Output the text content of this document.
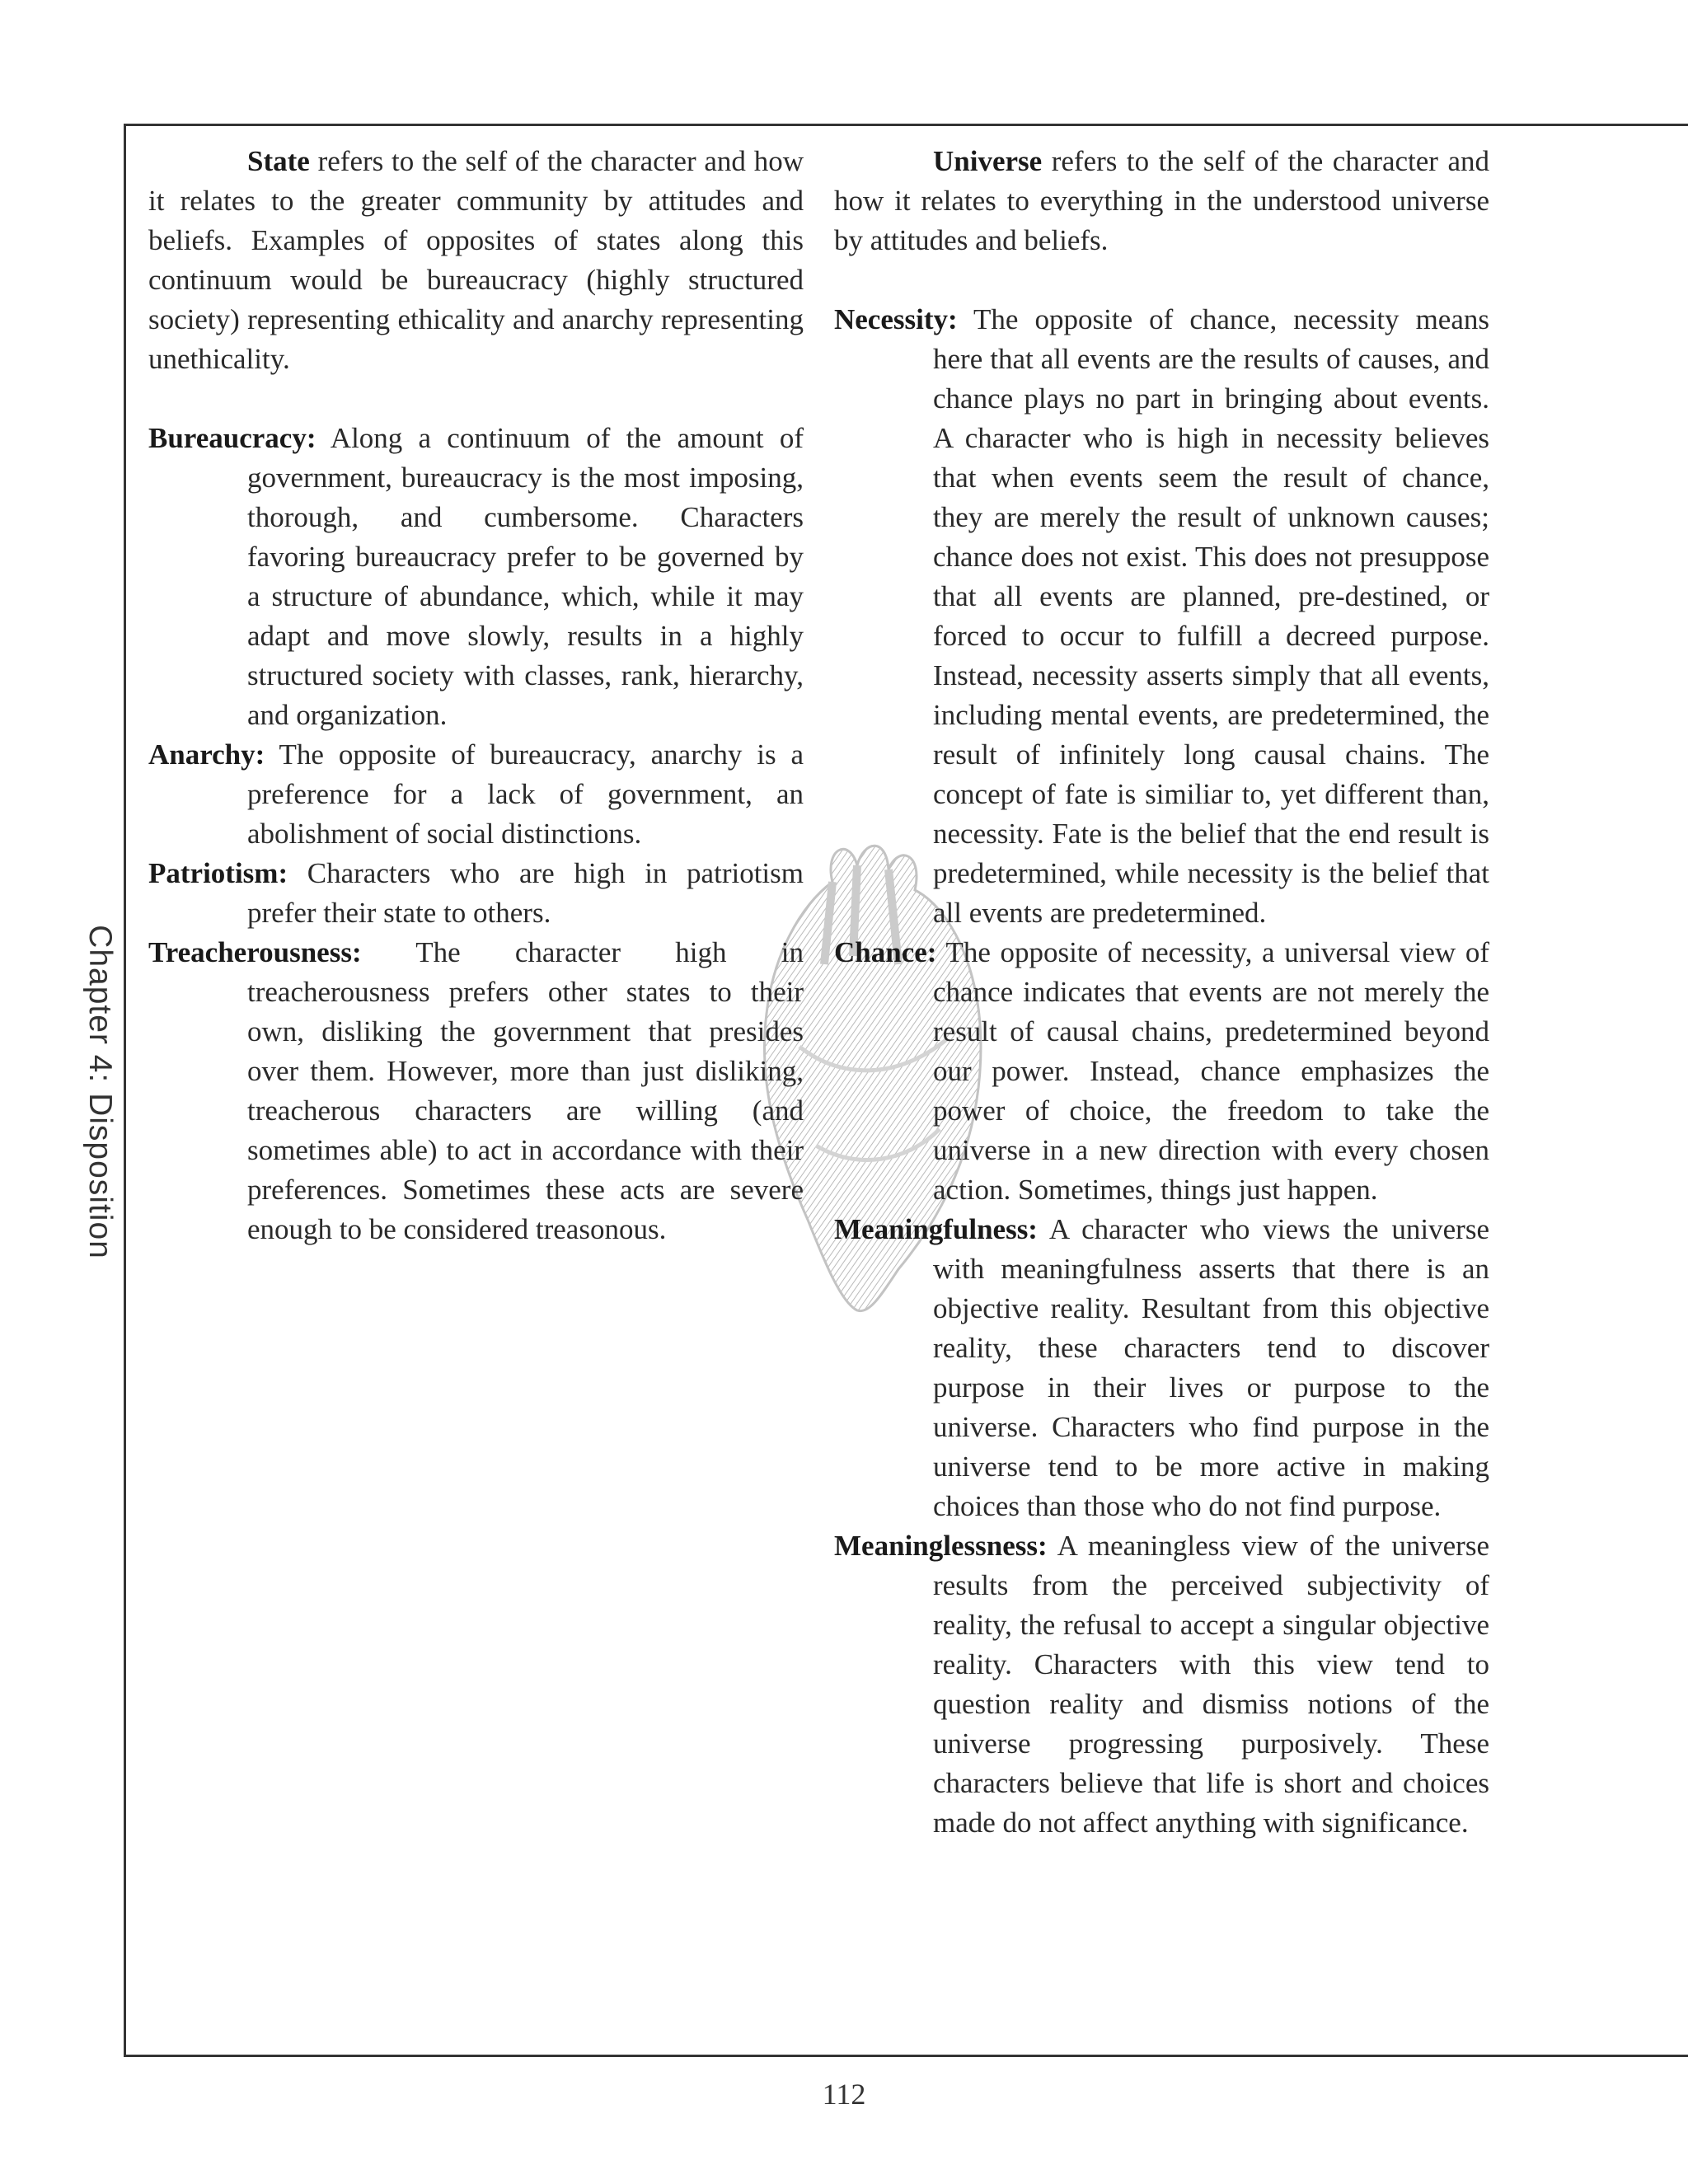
Chapter 4: Disposition

State refers to the self of the character and how it relates to the greater community by attitudes and beliefs. Examples of opposites of states along this continuum would be bureaucracy (highly structured society) representing ethicality and anarchy representing unethicality.

Bureaucracy: Along a continuum of the amount of government, bureaucracy is the most imposing, thorough, and cumbersome. Characters favoring bureaucracy prefer to be governed by a structure of abundance, which, while it may adapt and move slowly, results in a highly structured society with classes, rank, hierarchy, and organization.

Anarchy: The opposite of bureaucracy, anarchy is a preference for a lack of government, an abolishment of social distinctions.

Patriotism: Characters who are high in patriotism prefer their state to others.

Treacherousness: The character high in treacherousness prefers other states to their own, disliking the government that presides over them. However, more than just disliking, treacherous characters are willing (and sometimes able) to act in accordance with their preferences. Sometimes these acts are severe enough to be considered treasonous.

Universe refers to the self of the character and how it relates to everything in the understood universe by attitudes and beliefs.

Necessity: The opposite of chance, necessity means here that all events are the results of causes, and chance plays no part in bringing about events. A character who is high in necessity believes that when events seem the result of chance, they are merely the result of unknown causes; chance does not exist. This does not presuppose that all events are planned, pre-destined, or forced to occur to fulfill a decreed purpose. Instead, necessity asserts simply that all events, including mental events, are predetermined, the result of infinitely long causal chains. The concept of fate is similiar to, yet different than, necessity. Fate is the belief that the end result is predetermined, while necessity is the belief that all events are predetermined.

Chance: The opposite of necessity, a universal view of chance indicates that events are not merely the result of causal chains, predetermined beyond our power. Instead, chance emphasizes the power of choice, the freedom to take the universe in a new direction with every chosen action. Sometimes, things just happen.

Meaningfulness: A character who views the universe with meaningfulness asserts that there is an objective reality. Resultant from this objective reality, these characters tend to discover purpose in their lives or purpose to the universe. Characters who find purpose in the universe tend to be more active in making choices than those who do not find purpose.

Meaninglessness: A meaningless view of the universe results from the perceived subjectivity of reality, the refusal to accept a singular objective reality. Characters with this view tend to question reality and dismiss notions of the universe progressing purposively. These characters believe that life is short and choices made do not affect anything with significance.

112
